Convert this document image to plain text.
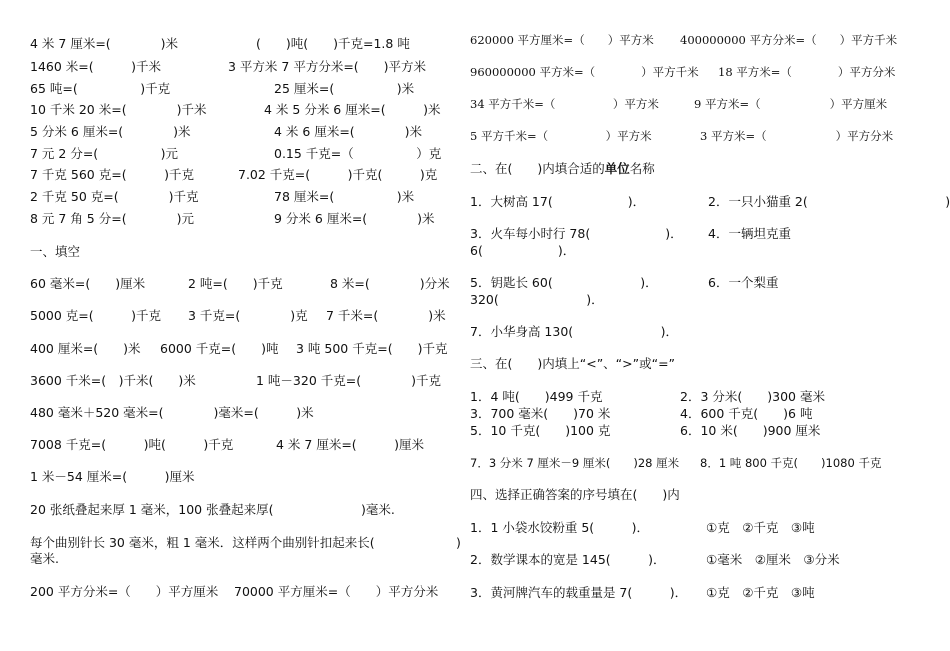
4 米 7 厘米=(　　　　)米	(　　)吨(　　)千克=1.8 吨
1460 米=(　　　)千米	3 平方米 7 平方分米=(　　)平方米
65 吨=(　　　　　)千克	25 厘米=(　　　　　)米
10 千米 20 米=(　　　　)千米	4 米 5 分米 6 厘米=(　　　)米
5 分米 6 厘米=(　　　　)米	4 米 6 厘米=(　　　　)米
7 元 2 分=(　　　　　)元	0.15 千克=（　　　　　）克
7 千克 560 克=(　　　)千克	7.02 千克=(　　　)千克(　　　)克
2 千克 50 克=(　　　　)千克	78 厘米=(　　　　　)米
8 元 7 角 5 分=(　　　　)元	9 分米 6 厘米=(　　　　)米
一、填空
60 毫米=(　　)厘米	2 吨=(　　)千克	8 米=(　　　　)分米
5000 克=(　　　)千克 3 千克=(　　　　)克 7 千米=(　　　　)米
400 厘米=(　　)米 6000 千克=(　　)吨 3 吨 500 千克=(　　)千克
3600 千米=(　)千米(　　)米	1 吨－320 千克=(　　　　)千克
480 毫米＋520 毫米=(　　　　)毫米=(　　　)米
7008 千克=(　　　)吨(　　　)千克	4 米 7 厘米=(　　　)厘米
1 米－54 厘米=(　　　)厘米
20 张纸叠起来厚 1 毫米，100 张叠起来厚(　　　　　　　)毫米.
每个曲别针长 30 毫米，粗 1 毫米．这样两个曲别针扣起来长(	)
毫米.
200 平方分米=（　　）平方厘米 70000 平方厘米=（　　）平方分米
620000 平方厘米=（　　）平方米 400000000 平方分米=（　　）平方千米
960000000 平方米=（　　　　）平方千米 18 平方米=（　　　　）平方分米
34 平方千米=（　　　　　）平方米	9 平方米=（　　　　　　）平方厘米
5 平方千米=（　　　　　）平方米	3 平方米=（　　　　　　）平方分米
二、在(　　)内填合适的单位名称
1．大树高 17(　　　　　　)．	2．一只小猫重 2(　　　　　　　　　　　)
3．火车每小时行 78(　　　　　　)． 4．一辆坦克重
6(　　　　　　)．
5．钥匙长 60(　　　　　　　)．	6．一个梨重
320(　　　　　　　)．
7．小华身高 130(　　　　　　　)．
三、在(　　)内填上“<”、“>”或“=”
1．4 吨(　　)499 千克	2．3 分米(　　)300 毫米
3．700 毫米(　　)70 米	4．600 千克(　　)6 吨
5．10 千克(　　)100 克	6．10 米(　　)900 厘米
7．3 分米 7 厘米－9 厘米(　　)28 厘米 8．1 吨 800 千克(　　)1080 千克
四、选择正确答案的序号填在(　　)内
1．1 小袋水饺粉重 5(　　　)．	①克　②千克　③吨
2．数学课本的宽是 145(　　　)．	①毫米　②厘米　③分米
3．黄河牌汽车的载重量是 7(　　　)． ①克　②千克　③吨
